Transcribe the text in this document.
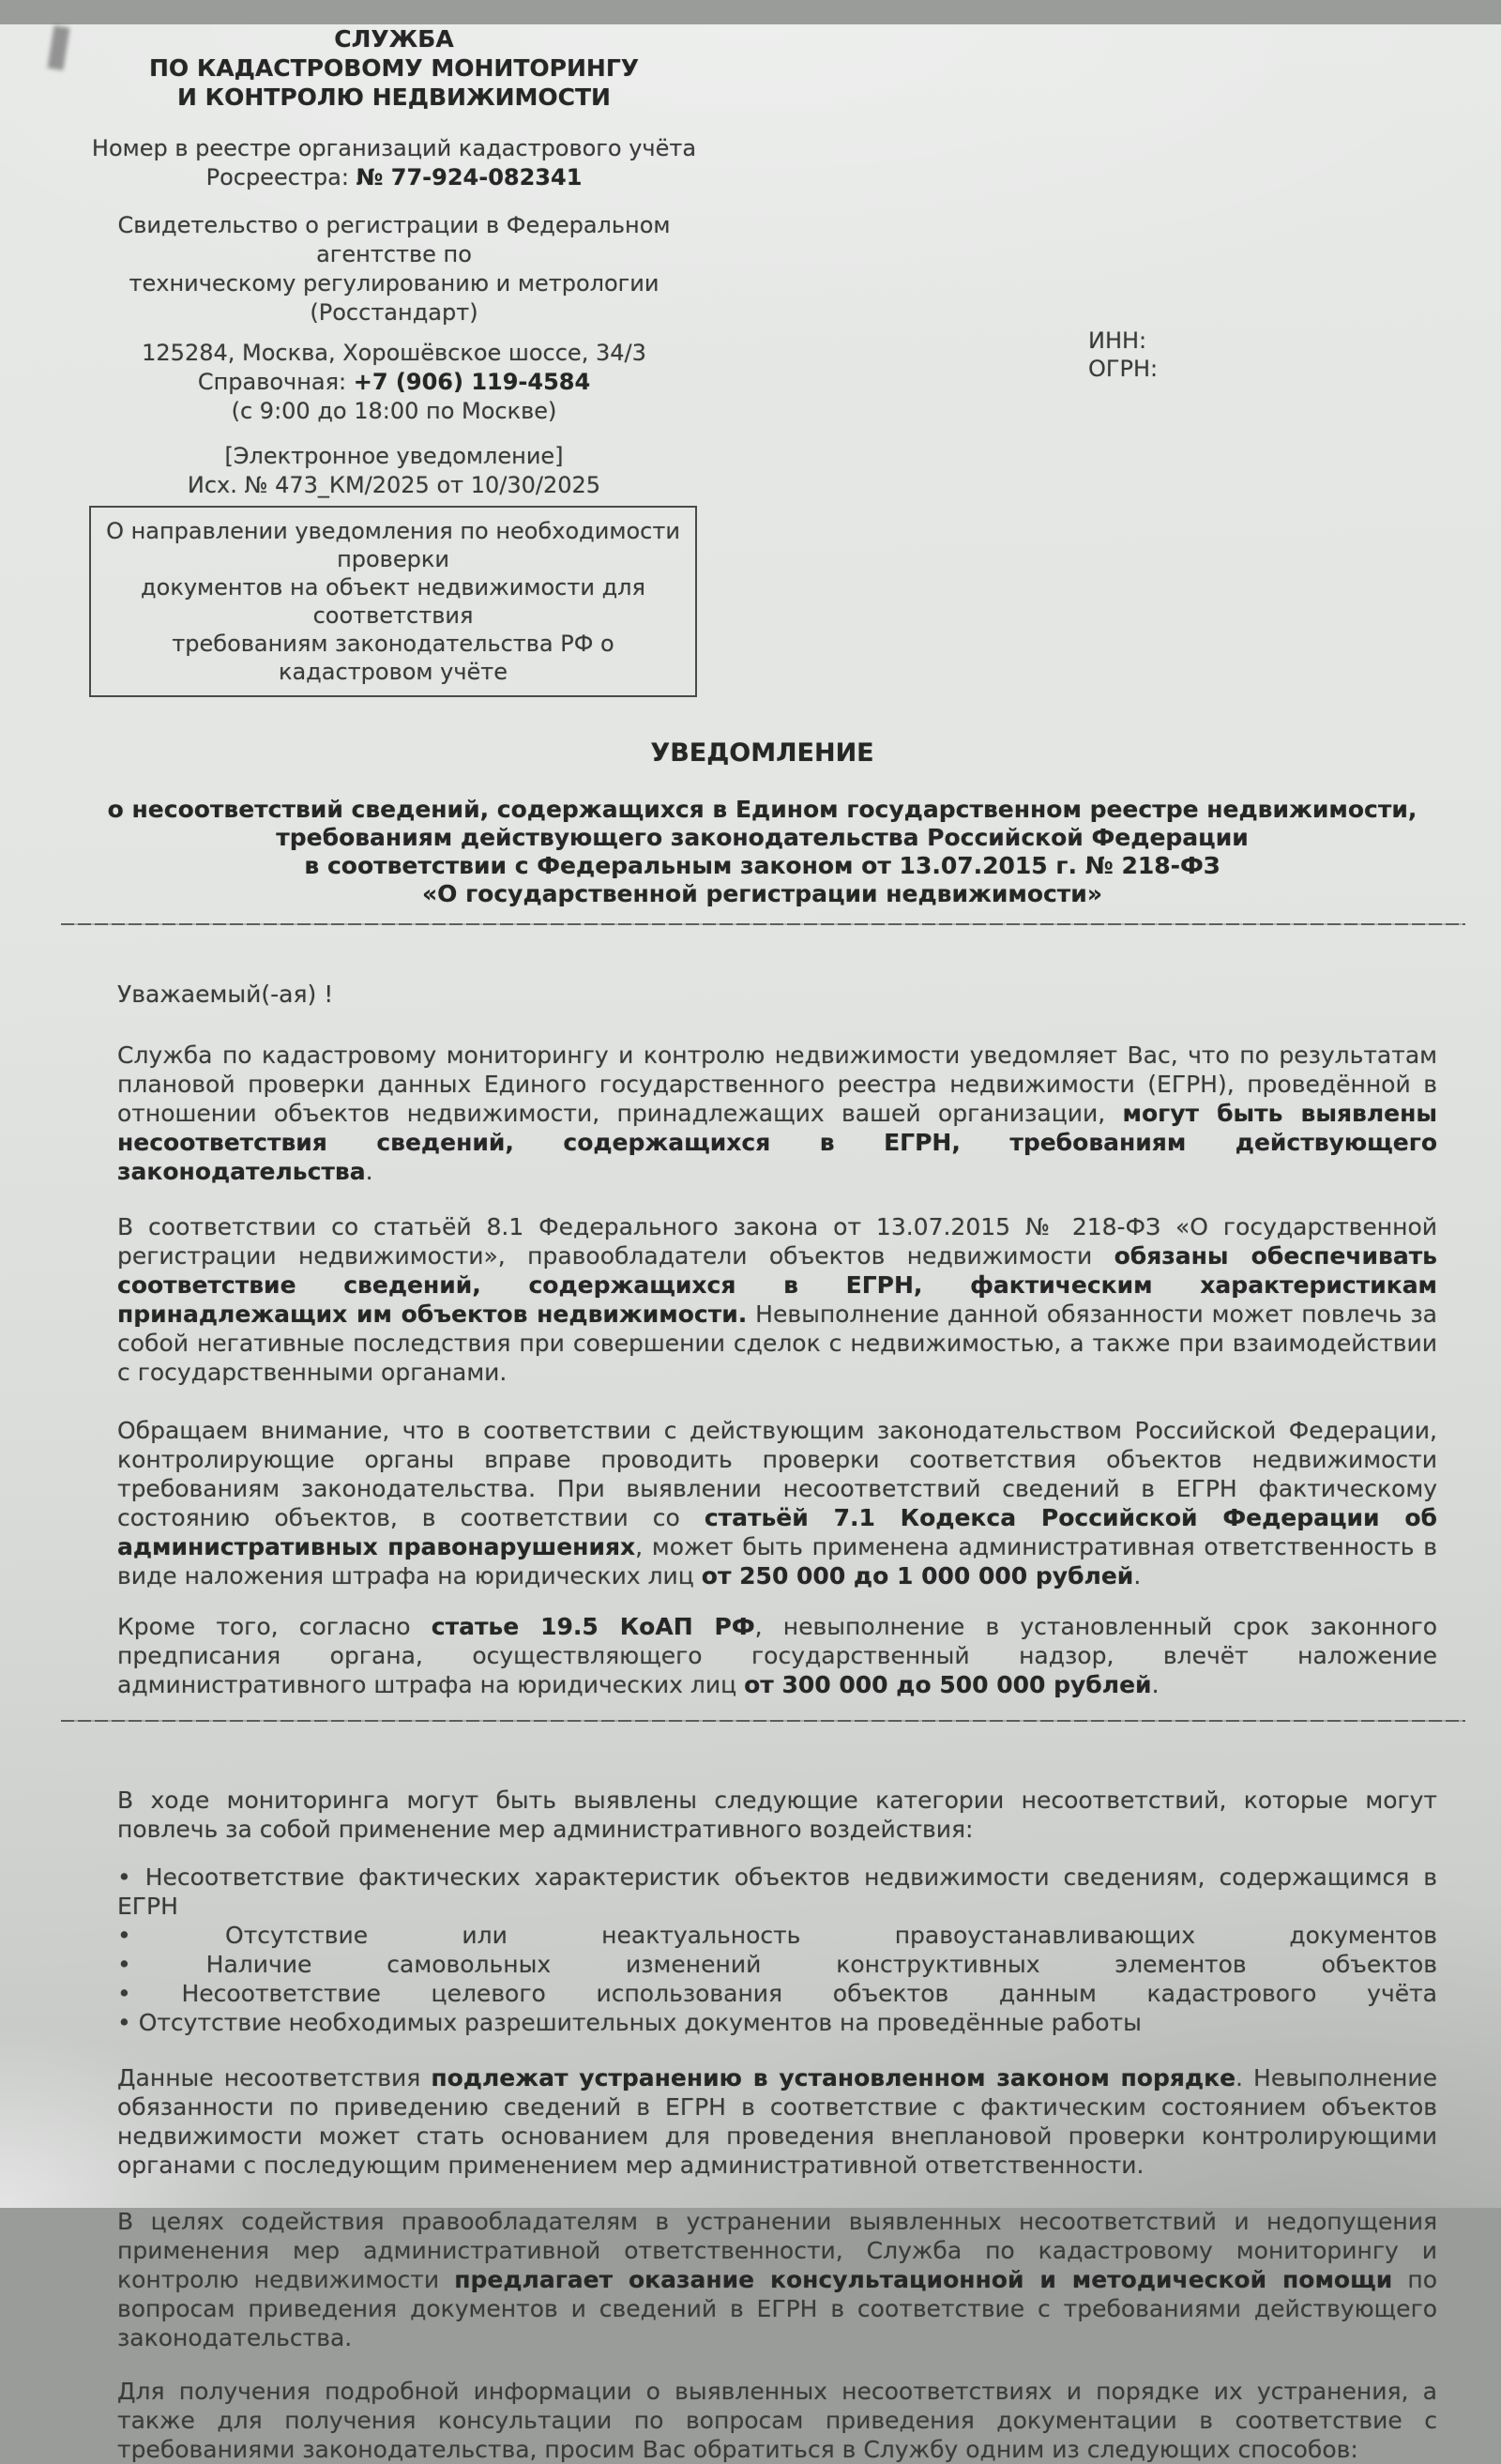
СЛУЖБА
ПО КАДАСТРОВОМУ МОНИТОРИНГУ
И КОНТРОЛЮ НЕДВИЖИМОСТИ
Номер в реестре организаций кадастрового учёта
Росреестра: № 77-924-082341
Свидетельство о регистрации в Федеральном агентстве по
техническому регулированию и метрологии (Росстандарт)
125284, Москва, Хорошёвское шоссе, 34/3
Справочная: +7 (906) 119-4584
(с 9:00 до 18:00 по Москве)
[Электронное уведомление]
Исх. № 473_КМ/2025 от 10/30/2025
О направлении уведомления по необходимости проверки
документов на объект недвижимости для соответствия
требованиям законодательства РФ о кадастровом учёте
ИНН:
ОГРН:
УВЕДОМЛЕНИЕ
о несоответствий сведений, содержащихся в Едином государственном реестре недвижимости,
требованиям действующего законодательства Российской Федерации
в соответствии с Федеральным законом от 13.07.2015 г. № 218-ФЗ
«О государственной регистрации недвижимости»

Уважаемый(-ая) !

Служба по кадастровому мониторингу и контролю недвижимости уведомляет Вас, что по результатам плановой проверки данных Единого государственного реестра недвижимости (ЕГРН), проведённой в отношении объектов недвижимости, принадлежащих вашей организации, могут быть выявлены несоответствия сведений, содержащихся в ЕГРН, требованиям действующего законодательства.

В соответствии со статьёй 8.1 Федерального закона от 13.07.2015 № 218-ФЗ «О государственной регистрации недвижимости», правообладатели объектов недвижимости обязаны обеспечивать соответствие сведений, содержащихся в ЕГРН, фактическим характеристикам принадлежащих им объектов недвижимости. Невыполнение данной обязанности может повлечь за собой негативные последствия при совершении сделок с недвижимостью, а также при взаимодействии с государственными органами.

Обращаем внимание, что в соответствии с действующим законодательством Российской Федерации, контролирующие органы вправе проводить проверки соответствия объектов недвижимости требованиям законодательства. При выявлении несоответствий сведений в ЕГРН фактическому состоянию объектов, в соответствии со статьёй 7.1 Кодекса Российской Федерации об административных правонарушениях, может быть применена административная ответственность в виде наложения штрафа на юридических лиц от 250 000 до 1 000 000 рублей.

Кроме того, согласно статье 19.5 КоАП РФ, невыполнение в установленный срок законного предписания органа, осуществляющего государственный надзор, влечёт наложение административного штрафа на юридических лиц от 300 000 до 500 000 рублей.

В ходе мониторинга могут быть выявлены следующие категории несоответствий, которые могут повлечь за собой применение мер административного воздействия:

• Несоответствие фактических характеристик объектов недвижимости сведениям, содержащимся в ЕГРН
• Отсутствие или неактуальность правоустанавливающих документов
• Наличие самовольных изменений конструктивных элементов объектов
• Несоответствие целевого использования объектов данным кадастрового учёта
• Отсутствие необходимых разрешительных документов на проведённые работы

Данные несоответствия подлежат устранению в установленном законом порядке. Невыполнение обязанности по приведению сведений в ЕГРН в соответствие с фактическим состоянием объектов недвижимости может стать основанием для проведения внеплановой проверки контролирующими органами с последующим применением мер административной ответственности.

В целях содействия правообладателям в устранении выявленных несоответствий и недопущения применения мер административной ответственности, Служба по кадастровому мониторингу и контролю недвижимости предлагает оказание консультационной и методической помощи по вопросам приведения документов и сведений в ЕГРН в соответствие с требованиями действующего законодательства.

Для получения подробной информации о выявленных несоответствиях и порядке их устранения, а также для получения консультации по вопросам приведения документации в соответствие с требованиями законодательства, просим Вас обратиться в Службу одним из следующих способов:
